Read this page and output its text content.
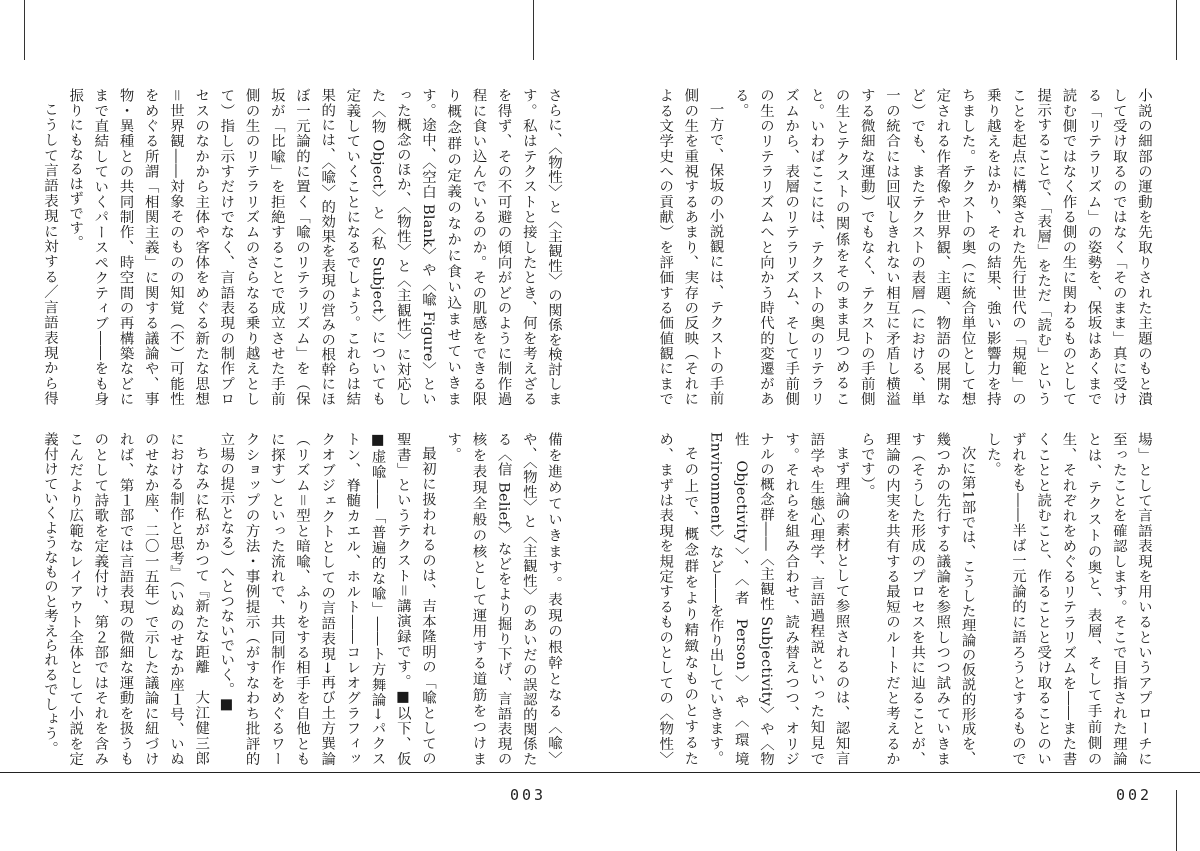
さらに、〈物性〉と〈主観性〉の関係を検討します。私はテクストと接したとき、何を考えざるを得ず、その不可避の傾向がどのように制作過程に食い込んでいるのか。その肌感をできる限り概念群の定義のなかに食い込ませていきます。途中、〈空白 Blank〉や〈喩 Figure〉といった概念のほか、〈物性〉と〈主観性〉に対応した〈物 Object〉と〈私 Subject〉についても定義していくことになるでしょう。これらは結果的には、〈喩〉的効果を表現の営みの根幹にほぼ一元論的に置く「喩のリテラリズム」を（保坂が「比喩」を拒絶することで成立させた手前側の生のリテラリズムのさらなる乗り越えとして）指し示すだけでなく、言語表現の制作プロセスのなかから主体や客体をめぐる新たな思想＝世界観――対象そのものの知覚（不）可能性をめぐる所謂「相関主義」に関する議論や、事物・異種との共同制作、時空間の再構築などにまで直結していくパースペクティブ――をも身振りにもなるはずです。

こうして言語表現に対する／言語表現から得

備を進めていきます。表現の根幹となる〈喩〉や、〈物性〉と〈主観性〉のあいだの誤認的関係たる〈信 Belief〉などをより掘り下げ、言語表現の核を表現全般の核として運用する道筋をつけます。

最初に扱われるのは、吉本隆明の「喩としての聖書」というテクスト＝講演録です。■以下、仮■虚喩――「普遍的な喩」――ト方舞論→パクストン、脊髄カエル、ホルト――コレオグラフィックオブジェクトとしての言語表現→再び土方巽論（リズム＝型と暗喩、ふりをする相手を自他ともに探す）といった流れで、共同制作をめぐるワークショップの方法・事例提示（がすなわち批評的立場の提示となる）へとつないでいく。■

ちなみに私がかつて『新たな距離　大江健三郎における制作と思考』（いぬのせなか座１号、いぬのせなか座、二〇一五年）で示した議論に紐づければ、第１部では言語表現の微細な運動を扱うものとして詩歌を定義付け、第２部ではそれを含みこんだより広範なレイアウト全体として小説を定義付けていくようなものと考えられるでしょう。

003

小説の細部の運動を先取りされた主題のもと潰して受け取るのではなく「そのまま」真に受ける「リテラリズム」の姿勢を、保坂はあくまで読む側ではなく作る側の生に関わるものとして提示することで、「表層」をただ「読む」ということを起点に構築された先行世代の「規範」の乗り越えをはかり、その結果、強い影響力を持ちました。テクストの奥（に統合単位として想定される作者像や世界観、主題、物語の展開など）でも、またテクストの表層（における、単一の統合には回収しきれない相互に矛盾し横溢する微細な運動）でもなく、テクストの手前側の生とテクストの関係をそのまま見つめること。いわばここには、テクストの奥のリテラリズムから、表層のリテラリズム、そして手前側の生のリテラリズムへと向かう時代的変遷がある。

一方で、保坂の小説観には、テクストの手前側の生を重視するあまり、実存の反映（それによる文学史への貢献）を評価する価値観にまで

場」として言語表現を用いるというアプローチに至ったことを確認します。そこで目指された理論とは、テクストの奥と、表層、そして手前側の生、それぞれをめぐるリテラリズムを――また書くことと読むこと、作ることと受け取ることのいずれをも――半ば一元論的に語ろうとするものでした。

次に第1部では、こうした理論の仮説的形成を、幾つかの先行する議論を参照しつつ試みていきます（そうした形成のプロセスを共に辿ることが、理論の内実を共有する最短のルートだと考えるからです）。

まず理論の素材として参照されるのは、認知言語学や生態心理学、言語過程説といった知見です。それらを組み合わせ、読み替えつつ、オリジナルの概念群――〈主観性 Subjectivity〉や〈物性 Objectivity〉、〈者 Person〉や〈環境 Environment〉など――を作り出していきます。

その上で、概念群をより精緻なものとするため、まずは表現を規定するものとしての〈物性〉

002
